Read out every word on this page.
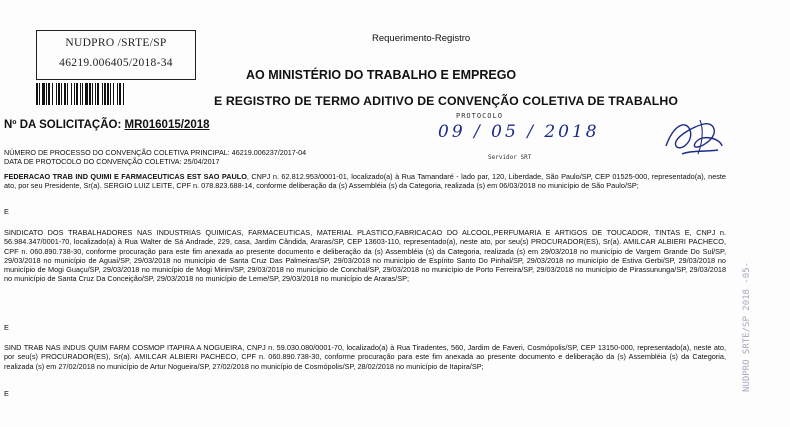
NUDPRO /SRTE/SP
46219.006405/2018-34
Requerimento-Registro
AO MINISTÉRIO DO TRABALHO E EMPREGO
E REGISTRO DE TERMO ADITIVO DE CONVENÇÃO COLETIVA DE TRABALHO
Nº DA SOLICITAÇÃO: MR016015/2018
PROTOCOLO
09 / 05 / 2018
Servidor SRT
NÚMERO DE PROCESSO DO CONVENÇÃO COLETIVA PRINCIPAL: 46219.006237/2017-04
DATA DE PROTOCOLO DO CONVENÇÃO COLETIVA: 25/04/2017
FEDERACAO TRAB IND QUIMI E FARMACEUTICAS EST SAO PAULO, CNPJ n. 62.812.953/0001-01, localizado(a) à Rua Tamandaré - lado par, 120, Liberdade, São Paulo/SP, CEP 01525-000, representado(a), neste ato, por seu Presidente, Sr(a). SERGIO LUIZ LEITE, CPF n. 078.823.688-14, conforme deliberação da (s) Assembléia (s) da Categoria, realizada (s) em 06/03/2018 no município de São Paulo/SP;
E
SINDICATO DOS TRABALHADORES NAS INDUSTRIAS QUIMICAS, FARMACEUTICAS, MATERIAL PLASTICO,FABRICACAO DO ALCOOL,PERFUMARIA E ARTIGOS DE TOUCADOR, TINTAS E, CNPJ n. 56.984.347/0001-70, localizado(a) à Rua Walter de Sá Andrade, 229, casa, Jardim Cândida, Araras/SP, CEP 13603-110, representado(a), neste ato, por seu(s) PROCURADOR(ES), Sr(a). AMILCAR ALBIERI PACHECO, CPF n. 060.890.738-30, conforme procuração para este fim anexada ao presente documento e deliberação da (s) Assembléia (s) da Categoria, realizada (s) em 29/03/2018 no município de Vargem Grande Do Sul/SP, 29/03/2018 no município de Aguaí/SP, 29/03/2018 no município de Santa Cruz Das Palmeiras/SP, 29/03/2018 no município de Espírito Santo Do Pinhal/SP, 29/03/2018 no município de Estiva Gerbi/SP, 29/03/2018 no município de Mogi Guaçu/SP, 29/03/2018 no município de Mogi Mirim/SP, 29/03/2018 no município de Conchal/SP, 29/03/2018 no município de Porto Ferreira/SP, 29/03/2018 no município de Pirassununga/SP, 29/03/2018 no município de Santa Cruz Da Conceição/SP, 29/03/2018 no município de Leme/SP, 29/03/2018 no município de Araras/SP;
E
SIND TRAB NAS INDUS QUIM FARM COSMOP ITAPIRA A NOGUEIRA, CNPJ n. 59.030.080/0001-70, localizado(a) à Rua Tiradentes, 560, Jardim de Faveri, Cosmópolis/SP, CEP 13150-000, representado(a), neste ato, por seu(s) PROCURADOR(ES), Sr(a). AMILCAR ALBIERI PACHECO, CPF n. 060.890.738-30, conforme procuração para este fim anexada ao presente documento e deliberação da (s) Assembléia (s) da Categoria, realizada (s) em 27/02/2018 no município de Artur Nogueira/SP, 27/02/2018 no município de Cosmópolis/SP, 28/02/2018 no município de Itapira/SP;
E
NUDPRO SRTE/SP 2018 -05-
